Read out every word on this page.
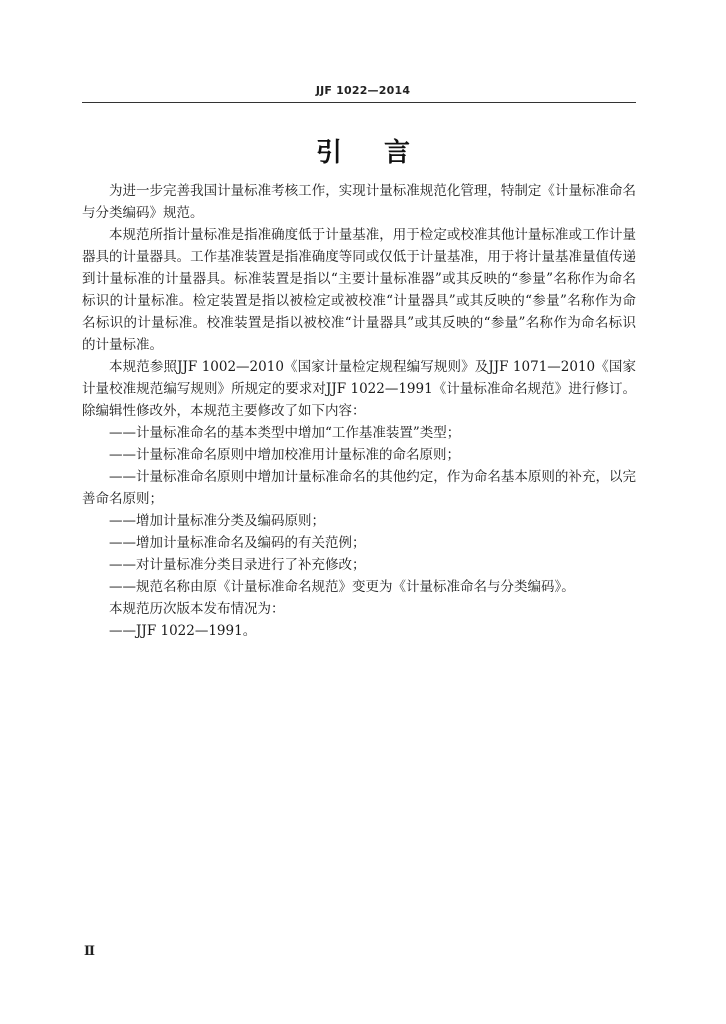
JJF 1022—2014
引言

为进一步完善我国计量标准考核工作，实现计量标准规范化管理，特制定《计量标准命名与分类编码》规范。

本规范所指计量标准是指准确度低于计量基准，用于检定或校准其他计量标准或工作计量器具的计量器具。工作基准装置是指准确度等同或仅低于计量基准，用于将计量基准量值传递到计量标准的计量器具。标准装置是指以“主要计量标准器”或其反映的“参量”名称作为命名标识的计量标准。检定装置是指以被检定或被校准“计量器具”或其反映的“参量”名称作为命名标识的计量标准。校准装置是指以被校准“计量器具”或其反映的“参量”名称作为命名标识的计量标准。

本规范参照JJF 1002—2010《国家计量检定规程编写规则》及JJF 1071—2010《国家计量校准规范编写规则》所规定的要求对JJF 1022—1991《计量标准命名规范》进行修订。除编辑性修改外，本规范主要修改了如下内容：

——计量标准命名的基本类型中增加“工作基准装置”类型；

——计量标准命名原则中增加校准用计量标准的命名原则；

——计量标准命名原则中增加计量标准命名的其他约定，作为命名基本原则的补充，以完善命名原则；

——增加计量标准分类及编码原则；

——增加计量标准命名及编码的有关范例；

——对计量标准分类目录进行了补充修改；

——规范名称由原《计量标准命名规范》变更为《计量标准命名与分类编码》。

本规范历次版本发布情况为：

——JJF 1022—1991。

Ⅱ
